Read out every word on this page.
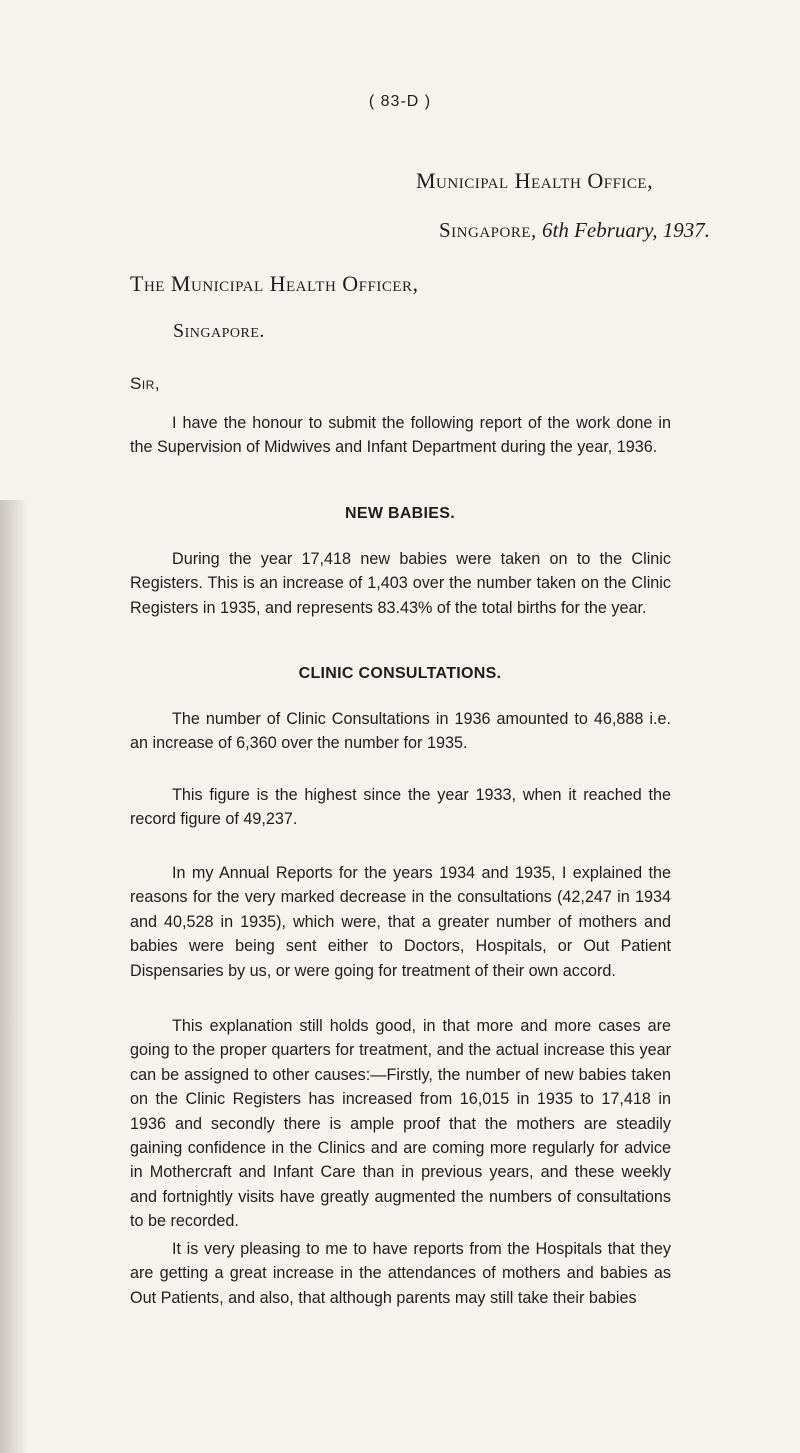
( 83-D )
Municipal Health Office,
Singapore, 6th February, 1937.
The Municipal Health Officer,
Singapore.
Sir,

I have the honour to submit the following report of the work done in the Supervision of Midwives and Infant Department during the year, 1936.

NEW BABIES.

During the year 17,418 new babies were taken on to the Clinic Registers. This is an increase of 1,403 over the number taken on the Clinic Registers in 1935, and represents 83.43% of the total births for the year.

CLINIC CONSULTATIONS.

The number of Clinic Consultations in 1936 amounted to 46,888 i.e. an increase of 6,360 over the number for 1935.

This figure is the highest since the year 1933, when it reached the record figure of 49,237.

In my Annual Reports for the years 1934 and 1935, I explained the reasons for the very marked decrease in the consultations (42,247 in 1934 and 40,528 in 1935), which were, that a greater number of mothers and babies were being sent either to Doctors, Hospitals, or Out Patient Dispensaries by us, or were going for treatment of their own accord.

This explanation still holds good, in that more and more cases are going to the proper quarters for treatment, and the actual increase this year can be assigned to other causes:—Firstly, the number of new babies taken on the Clinic Registers has increased from 16,015 in 1935 to 17,418 in 1936 and secondly there is ample proof that the mothers are steadily gaining confidence in the Clinics and are coming more regularly for advice in Mothercraft and Infant Care than in previous years, and these weekly and fortnightly visits have greatly augmented the numbers of consultations to be recorded.

It is very pleasing to me to have reports from the Hospitals that they are getting a great increase in the attendances of mothers and babies as Out Patients, and also, that although parents may still take their babies
